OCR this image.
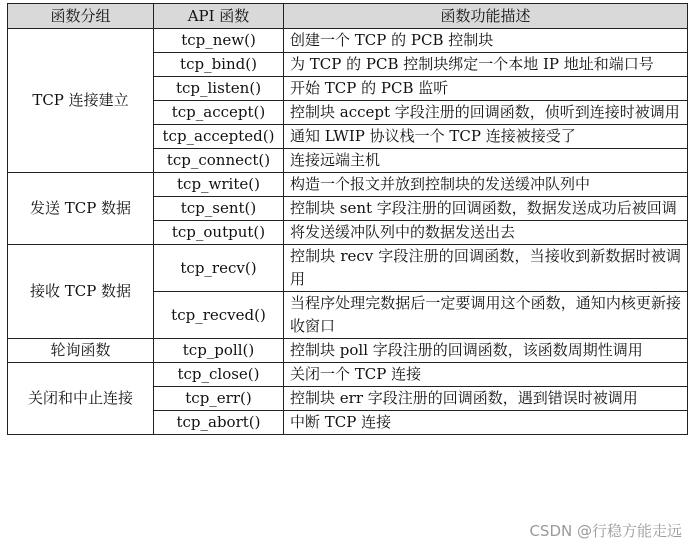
函数分组	API 函数	函数功能描述
TCP 连接建立	tcp_new()	创建一个 TCP 的 PCB 控制块
	tcp_bind()	为 TCP 的 PCB 控制块绑定一个本地 IP 地址和端口号
	tcp_listen()	开始 TCP 的 PCB 监听
	tcp_accept()	控制块 accept 字段注册的回调函数，侦听到连接时被调用
	tcp_accepted()	通知 LWIP 协议栈一个 TCP 连接被接受了
	tcp_connect()	连接远端主机
发送 TCP 数据	tcp_write()	构造一个报文并放到控制块的发送缓冲队列中
	tcp_sent()	控制块 sent 字段注册的回调函数，数据发送成功后被回调
	tcp_output()	将发送缓冲队列中的数据发送出去
接收 TCP 数据	tcp_recv()	控制块 recv 字段注册的回调函数，当接收到新数据时被调用
	tcp_recved()	当程序处理完数据后一定要调用这个函数，通知内核更新接收窗口
轮询函数	tcp_poll()	控制块 poll 字段注册的回调函数，该函数周期性调用
关闭和中止连接	tcp_close()	关闭一个 TCP 连接
	tcp_err()	控制块 err 字段注册的回调函数，遇到错误时被调用
	tcp_abort()	中断 TCP 连接
CSDN @行稳方能走远
